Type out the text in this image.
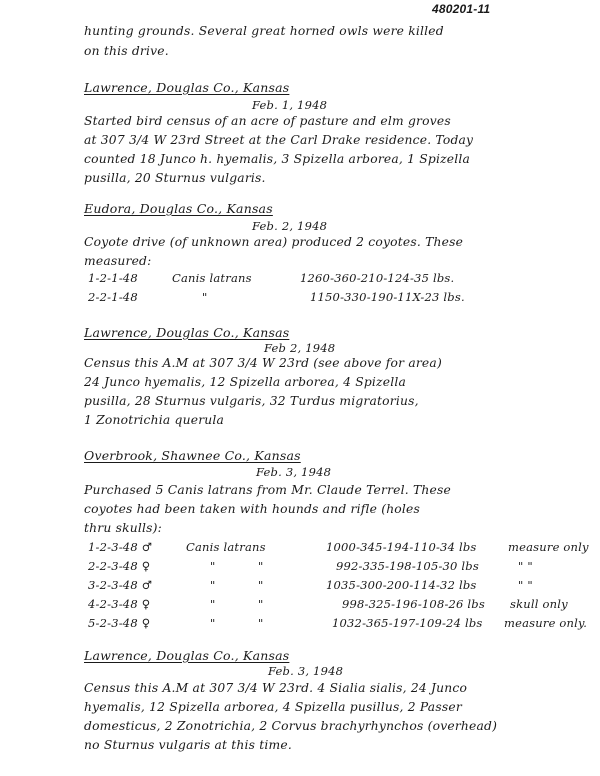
480201-11
hunting grounds. Several great horned owls were killed
on this drive.
Lawrence, Douglas Co., Kansas
Feb. 1, 1948
Started bird census of an acre of pasture and elm groves
at 307 3/4 W 23rd Street at the Carl Drake residence. Today
counted 18 Junco h. hyemalis, 3 Spizella arborea, 1 Spizella
pusilla, 20 Sturnus vulgaris.
Eudora, Douglas Co., Kansas
Feb. 2, 1948
Coyote drive (of unknown area) produced 2 coyotes. These
measured:
1-2-1-48	Canis latrans	1260-360-210-124-35 lbs.
2-2-1-48	"	1150-330-190-11X-23 lbs.
Lawrence, Douglas Co., Kansas
Feb 2, 1948
Census this A.M at 307 3/4 W 23rd (see above for area)
24 Junco hyemalis, 12 Spizella arborea, 4 Spizella
pusilla, 28 Sturnus vulgaris, 32 Turdus migratorius,
1 Zonotrichia querula
Overbrook, Shawnee Co., Kansas
Feb. 3, 1948
Purchased 5 Canis latrans from Mr. Claude Terrel. These
coyotes had been taken with hounds and rifle (holes
thru skulls):
1-2-3-48 ♂	Canis latrans	1000-345-194-110-34 lbs	measure only
2-2-3-48 ♀	"	"	992-335-198-105-30 lbs	" "
3-2-3-48 ♂	"	"	1035-300-200-114-32 lbs	" "
4-2-3-48 ♀	"	"	998-325-196-108-26 lbs skull only
5-2-3-48 ♀	"	"	1032-365-197-109-24 lbs measure only.
Lawrence, Douglas Co., Kansas
Feb. 3, 1948
Census this A.M at 307 3/4 W 23rd. 4 Sialia sialis, 24 Junco
hyemalis, 12 Spizella arborea, 4 Spizella pusillus, 2 Passer
domesticus, 2 Zonotrichia, 2 Corvus brachyrhynchos (overhead)
no Sturnus vulgaris at this time.
